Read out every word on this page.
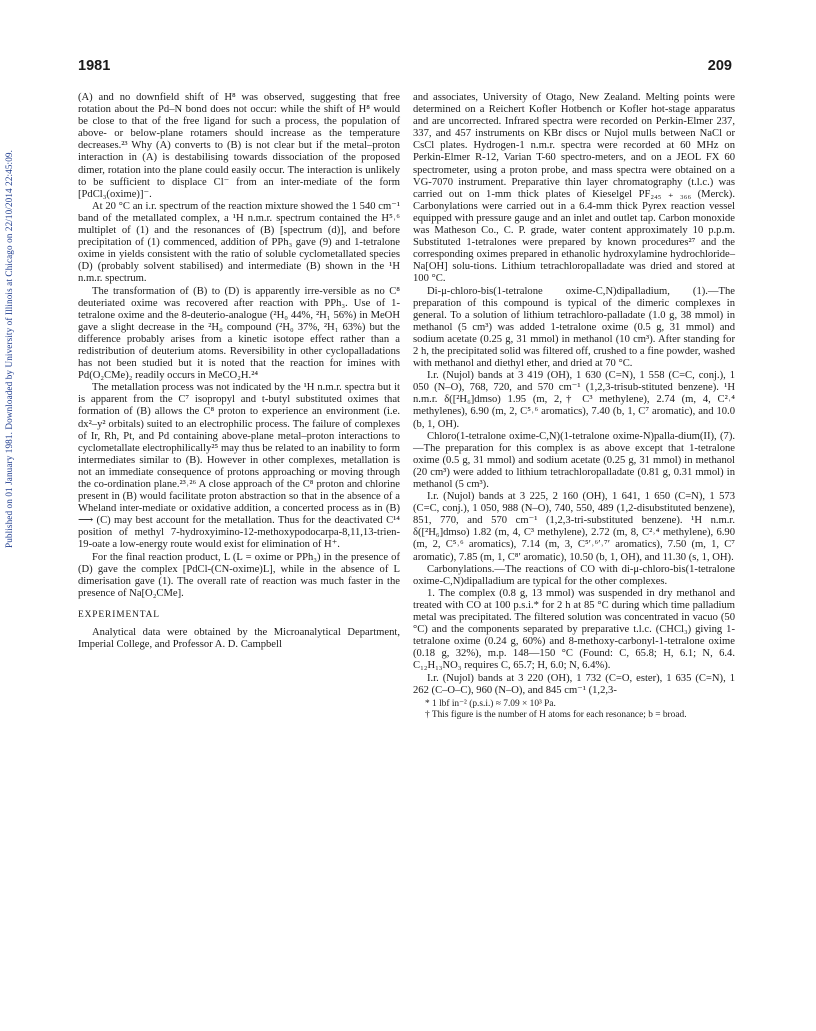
Published on 01 January 1981. Downloaded by University of Illinois at Chicago on 22/10/2014 22:45:09.
1981	209

(A) and no downfield shift of H⁸ was observed, suggesting that free rotation about the Pd–N bond does not occur: while the shift of H⁸ would be close to that of the free ligand for such a process, the population of above- or below-plane rotamers should increase as the temperature decreases.²³ Why (A) converts to (B) is not clear but if the metal–proton interaction in (A) is destabilising towards dissociation of the proposed dimer, rotation into the plane could easily occur. The interaction is unlikely to be sufficient to displace Cl⁻ from an inter-mediate of the form [PdCl₃(oxime)]⁻.

At 20 °C an i.r. spectrum of the reaction mixture showed the 1 540 cm⁻¹ band of the metallated complex, a ¹H n.m.r. spectrum contained the H⁵˒⁶ multiplet of (1) and the resonances of (B) [spectrum (d)], and before precipitation of (1) commenced, addition of PPh₃ gave (9) and 1-tetralone oxime in yields consistent with the ratio of soluble cyclometallated species (D) (probably solvent stabilised) and intermediate (B) shown in the ¹H n.m.r. spectrum.

The transformation of (B) to (D) is apparently irre-versible as no C⁸ deuteriated oxime was recovered after reaction with PPh₃. Use of 1-tetralone oxime and the 8-deuterio-analogue (²H₀ 44%, ²H₁ 56%) in MeOH gave a slight decrease in the ²H₀ compound (²H₀ 37%, ²H₁ 63%) but the difference probably arises from a kinetic isotope effect rather than a redistribution of deuterium atoms. Reversibility in other cyclopalladations has not been studied but it is noted that the reaction for imines with Pd(O₂CMe)₂ readily occurs in MeCO₂H.²⁴

The metallation process was not indicated by the ¹H n.m.r. spectra but it is apparent from the C⁷ isopropyl and t-butyl substituted oximes that formation of (B) allows the C⁸ proton to experience an environment (i.e. dx²–y² orbitals) suited to an electrophilic process. The failure of complexes of Ir, Rh, Pt, and Pd containing above-plane metal–proton interactions to cyclometallate electrophilically²⁵ may thus be related to an inability to form intermediates similar to (B). However in other complexes, metallation is not an immediate consequence of protons approaching or moving through the co-ordination plane.²³˒²⁶ A close approach of the C⁸ proton and chlorine present in (B) would facilitate proton abstraction so that in the absence of a Wheland inter-mediate or oxidative addition, a concerted process as in (B) ⟶ (C) may best account for the metallation. Thus for the deactivated C¹⁴ position of methyl 7-hydroxyimino-12-methoxypodocarpa-8,11,13-trien-19-oate a low-energy route would exist for elimination of H⁺.

For the final reaction product, L (L = oxime or PPh₃) in the presence of (D) gave the complex [PdCl-(CN-oxime)L], while in the absence of L dimerisation gave (1). The overall rate of reaction was much faster in the presence of Na[O₂CMe].

EXPERIMENTAL

Analytical data were obtained by the Microanalytical Department, Imperial College, and Professor A. D. Campbell

and associates, University of Otago, New Zealand. Melting points were determined on a Reichert Kofler Hotbench or Kofler hot-stage apparatus and are uncorrected. Infrared spectra were recorded on Perkin-Elmer 237, 337, and 457 instruments on KBr discs or Nujol mulls between NaCl or CsCl plates. Hydrogen-1 n.m.r. spectra were recorded at 60 MHz on Perkin-Elmer R-12, Varian T-60 spectro-meters, and on a JEOL FX 60 spectrometer, using a proton probe, and mass spectra were obtained on a VG-7070 instrument. Preparative thin layer chromatography (t.l.c.) was carried out on 1-mm thick plates of Kieselgel PF₂₄₅ ₊ ₃₆₆ (Merck). Carbonylations were carried out in a 6.4-mm thick Pyrex reaction vessel equipped with pressure gauge and an inlet and outlet tap. Carbon monoxide was Matheson Co., C. P. grade, water content approximately 10 p.p.m. Substituted 1-tetralones were prepared by known procedures²⁷ and the corresponding oximes prepared in ethanolic hydroxylamine hydrochloride–Na[OH] solu-tions. Lithium tetrachloropalladate was dried and stored at 100 °C.

Di-μ-chloro-bis(1-tetralone oxime-C,N)dipalladium, (1).—The preparation of this compound is typical of the dimeric complexes in general. To a solution of lithium tetrachloro-palladate (1.0 g, 38 mmol) in methanol (5 cm³) was added 1-tetralone oxime (0.5 g, 31 mmol) and sodium acetate (0.25 g, 31 mmol) in methanol (10 cm³). After standing for 2 h, the precipitated solid was filtered off, crushed to a fine powder, washed with methanol and diethyl ether, and dried at 70 °C.

I.r. (Nujol) bands at 3 419 (OH), 1 630 (C=N), 1 558 (C=C, conj.), 1 050 (N–O), 768, 720, and 570 cm⁻¹ (1,2,3-trisub-stituted benzene). ¹H n.m.r. δ([²H₆]dmso) 1.95 (m, 2,† C³ methylene), 2.74 (m, 4, C²˒⁴ methylenes), 6.90 (m, 2, C⁵˒⁶ aromatics), 7.40 (b, 1, C⁷ aromatic), and 10.0 (b, 1, OH).

Chloro(1-tetralone oxime-C,N)(1-tetralone oxime-N)palla-dium(II), (7).—The preparation for this complex is as above except that 1-tetralone oxime (0.5 g, 31 mmol) and sodium acetate (0.25 g, 31 mmol) in methanol (20 cm³) were added to lithium tetrachloropalladate (0.81 g, 0.31 mmol) in methanol (5 cm³).

I.r. (Nujol) bands at 3 225, 2 160 (OH), 1 641, 1 650 (C=N), 1 573 (C=C, conj.), 1 050, 988 (N–O), 740, 550, 489 (1,2-disubstituted benzene), 851, 770, and 570 cm⁻¹ (1,2,3-tri-substituted benzene). ¹H n.m.r. δ([²H₆]dmso) 1.82 (m, 4, C³ methylene), 2.72 (m, 8, C²˒⁴ methylene), 6.90 (m, 2, C⁵˒⁶ aromatics), 7.14 (m, 3, C⁵′˒⁶′˒⁷′ aromatics), 7.50 (m, 1, C⁷ aromatic), 7.85 (m, 1, C⁸′ aromatic), 10.50 (b, 1, OH), and 11.30 (s, 1, OH).

Carbonylations.—The reactions of CO with di-μ-chloro-bis(1-tetralone oxime-C,N)dipalladium are typical for the other complexes.

1. The complex (0.8 g, 13 mmol) was suspended in dry methanol and treated with CO at 100 p.s.i.* for 2 h at 85 °C during which time palladium metal was precipitated. The filtered solution was concentrated in vacuo (50 °C) and the components separated by preparative t.l.c. (CHCl₃) giving 1-tetralone oxime (0.24 g, 60%) and 8-methoxy-carbonyl-1-tetralone oxime (0.18 g, 32%), m.p. 148—150 °C (Found: C, 65.8; H, 6.1; N, 6.4. C₁₂H₁₃NO₃ requires C, 65.7; H, 6.0; N, 6.4%).

I.r. (Nujol) bands at 3 220 (OH), 1 732 (C=O, ester), 1 635 (C=N), 1 262 (C–O–C), 960 (N–O), and 845 cm⁻¹ (1,2,3-

* 1 lbf in⁻² (p.s.i.) ≈ 7.09 × 10³ Pa.

† This figure is the number of H atoms for each resonance; b = broad.
